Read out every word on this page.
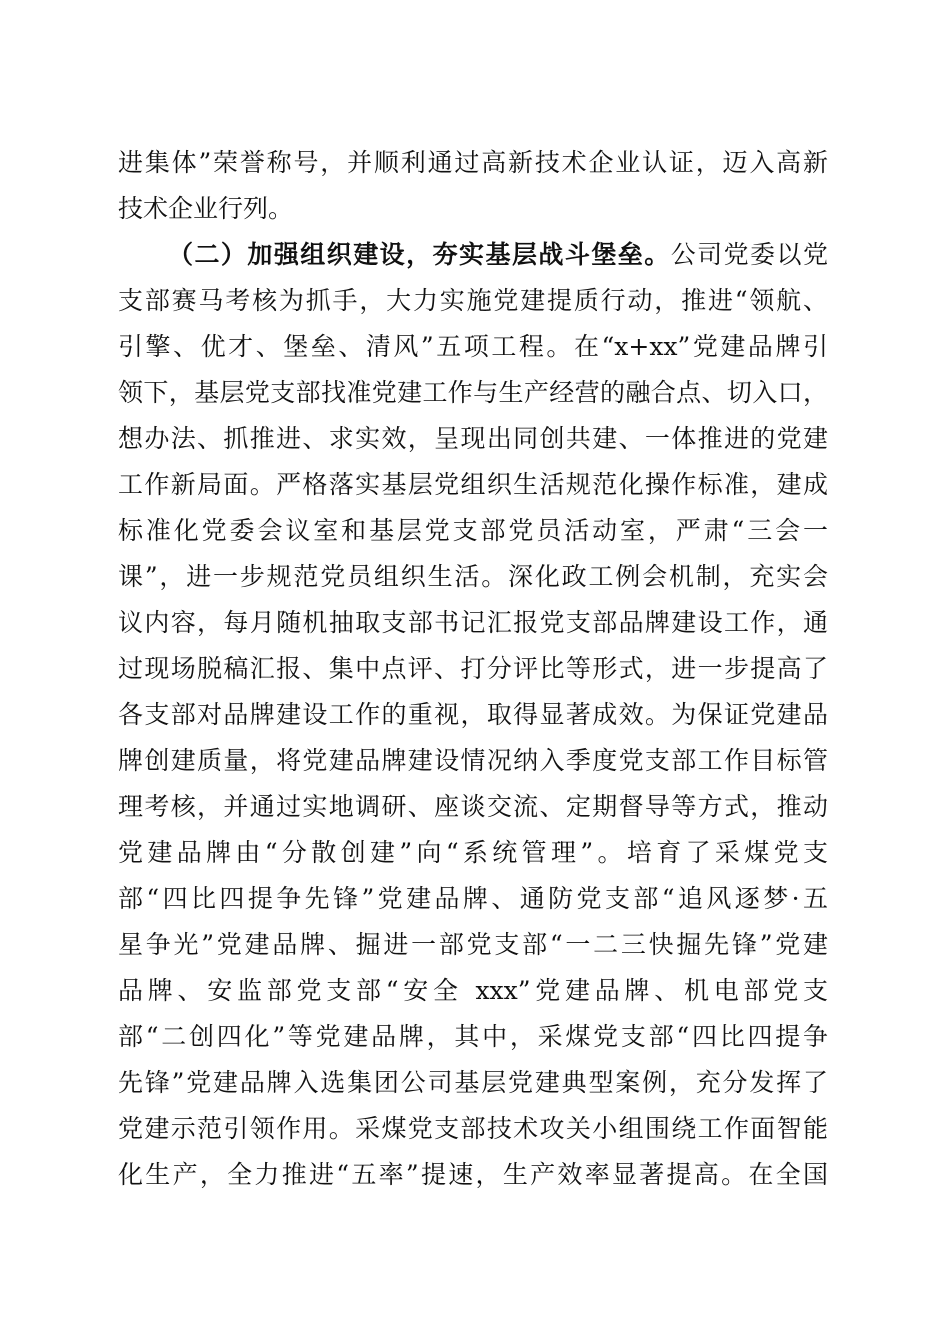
进集体”荣誉称号，并顺利通过高新技术企业认证，迈入高新
技术企业行列。
（二）加强组织建设，夯实基层战斗堡垒。公司党委以党
支部赛马考核为抓手，大力实施党建提质行动，推进“领航、
引擎、优才、堡垒、清风”五项工程。在“x+xx”党建品牌引
领下，基层党支部找准党建工作与生产经营的融合点、切入口，
想办法、抓推进、求实效，呈现出同创共建、一体推进的党建
工作新局面。严格落实基层党组织生活规范化操作标准，建成
标准化党委会议室和基层党支部党员活动室，严肃“三会一
课”，进一步规范党员组织生活。深化政工例会机制，充实会
议内容，每月随机抽取支部书记汇报党支部品牌建设工作，通
过现场脱稿汇报、集中点评、打分评比等形式，进一步提高了
各支部对品牌建设工作的重视，取得显著成效。为保证党建品
牌创建质量，将党建品牌建设情况纳入季度党支部工作目标管
理考核，并通过实地调研、座谈交流、定期督导等方式，推动
党建品牌由“分散创建”向“系统管理”。培育了采煤党支
部“四比四提争先锋”党建品牌、通防党支部“追风逐梦·五
星争光”党建品牌、掘进一部党支部“一二三快掘先锋”党建
品牌、安监部党支部“安全 xxx”党建品牌、机电部党支
部“二创四化”等党建品牌，其中，采煤党支部“四比四提争
先锋”党建品牌入选集团公司基层党建典型案例，充分发挥了
党建示范引领作用。采煤党支部技术攻关小组围绕工作面智能
化生产，全力推进“五率”提速，生产效率显著提高。在全国
